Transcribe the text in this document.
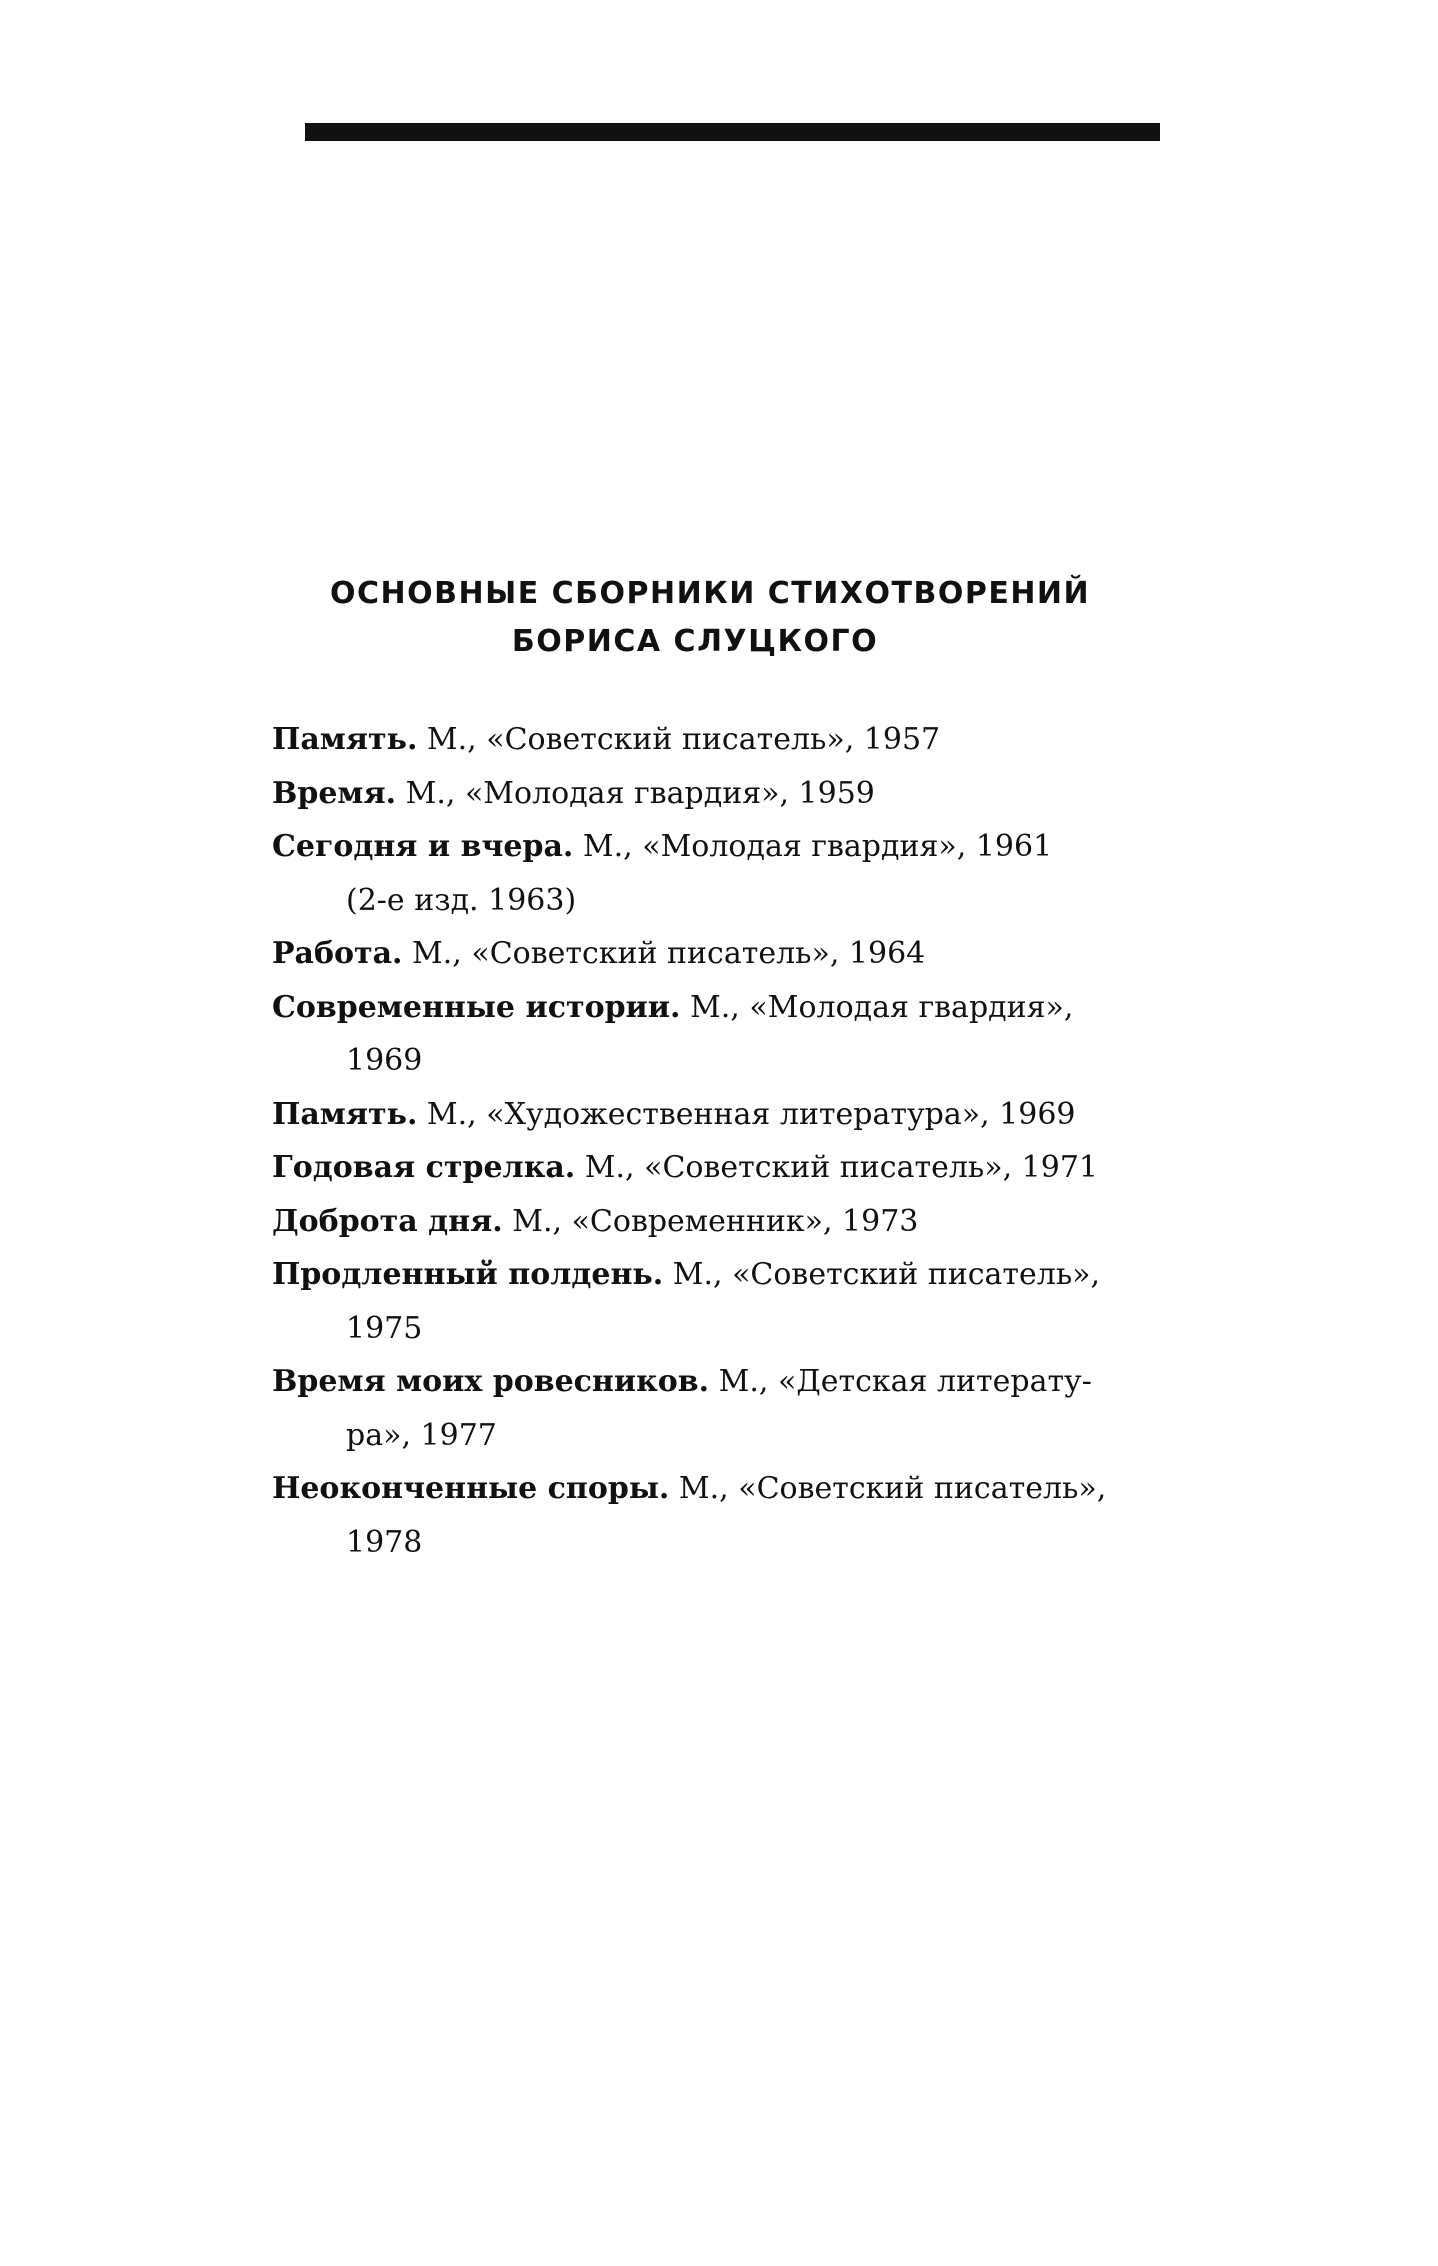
ОСНОВНЫЕ СБОРНИКИ СТИХОТВОРЕНИЙ
БОРИСА СЛУЦКОГО
Память. М., «Советский писатель», 1957
Время. М., «Молодая гвардия», 1959
Сегодня и вчера. М., «Молодая гвардия», 1961
(2-е изд. 1963)
Работа. М., «Советский писатель», 1964
Современные истории. М., «Молодая гвардия»,
1969
Память. М., «Художественная литература», 1969
Годовая стрелка. М., «Советский писатель», 1971
Доброта дня. М., «Современник», 1973
Продленный полдень. М., «Советский писатель»,
1975
Время моих ровесников. М., «Детская литерату-
ра», 1977
Неоконченные споры. М., «Советский писатель»,
1978
